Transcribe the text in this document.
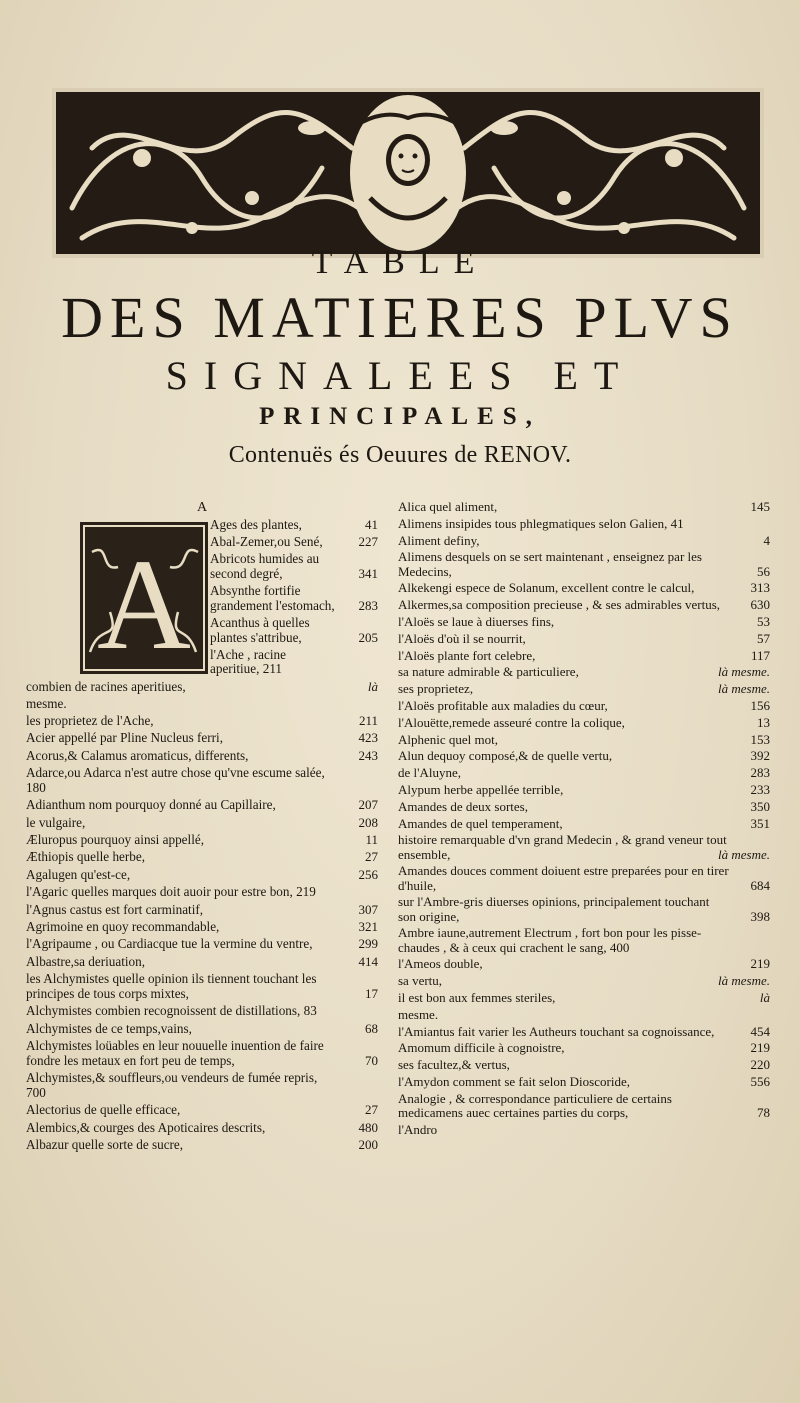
TABLE
DES MATIERES PLVS
SIGNALEES ET
PRINCIPALES,
Contenuës és Oeuures de RENOV.
A
A
Ages des plantes,	41
Abal-Zemer,ou Sené,	227
Abricots humides au second degré,	341
Absynthe fortifie grandement l'estomach, 283
Acanthus à quelles plantes s'attribue,	205
l'Ache , racine aperitiue, 211
combien de racines aperitiues,	là
mesme.
les proprietez de l'Ache,	211
Acier appellé par Pline Nucleus ferri,	423
Acorus,& Calamus aromaticus, differents,	243
Adarce,ou Adarca n'est autre chose qu'vne escume salée, 180
Adianthum nom pourquoy donné au Capillaire,	207
le vulgaire,	208
Æluropus pourquoy ainsi appellé,	11
Æthiopis quelle herbe,	27
Agalugen qu'est-ce,	256
l'Agaric quelles marques doit auoir pour estre bon, 219
l'Agnus castus est fort carminatif,	307
Agrimoine en quoy recommandable,	321
l'Agripaume , ou Cardiacque tue la vermine du ventre,	299
Albastre,sa deriuation,	414
les Alchymistes quelle opinion ils tiennent touchant les principes de tous corps mixtes,	17
Alchymistes combien recognoissent de distillations, 83
Alchymistes de ce temps,vains,	68
Alchymistes loüables en leur nouuelle inuention de faire fondre les metaux en fort peu de temps,	70
Alchymistes,& souffleurs,ou vendeurs de fumée repris, 700
Alectorius de quelle efficace,	27
Alembics,& courges des Apoticaires descrits,	480
Albazur quelle sorte de sucre,	200
Alica quel aliment,	145
Alimens insipides tous phlegmatiques selon Galien, 41
Aliment definy,	4
Alimens desquels on se sert maintenant , enseignez par les Medecins,	56
Alkekengi espece de Solanum, excellent contre le calcul,	313
Alkermes,sa composition precieuse , & ses admirables vertus,	630
l'Aloës se laue à diuerses fins,	53
l'Aloës d'où il se nourrit,	57
l'Aloës plante fort celebre,	117
sa nature admirable & particuliere,	là mesme.
ses proprietez,	là mesme.
l'Aloës profitable aux maladies du cœur,	156
l'Alouëtte,remede asseuré contre la colique,	13
Alphenic quel mot,	153
Alun dequoy composé,& de quelle vertu,	392
de l'Aluyne,	283
Alypum herbe appellée terrible,	233
Amandes de deux sortes,	350
Amandes de quel temperament,	351
histoire remarquable d'vn grand Medecin , & grand veneur tout ensemble,	là mesme.
Amandes douces comment doiuent estre preparées pour en tirer d'huile,	684
sur l'Ambre-gris diuerses opinions, principalement touchant son origine,	398
Ambre iaune,autrement Electrum , fort bon pour les pisse-chaudes , & à ceux qui crachent le sang, 400
l'Ameos double,	219
sa vertu,	là mesme.
il est bon aux femmes steriles,	là
mesme.
l'Amiantus fait varier les Autheurs touchant sa cognoissance,	454
Amomum difficile à cognoistre,	219
ses facultez,& vertus,	220
l'Amydon comment se fait selon Dioscoride,	556
Analogie , & correspondance particuliere de certains medicamens auec certaines parties du corps,	78
l'Andro
